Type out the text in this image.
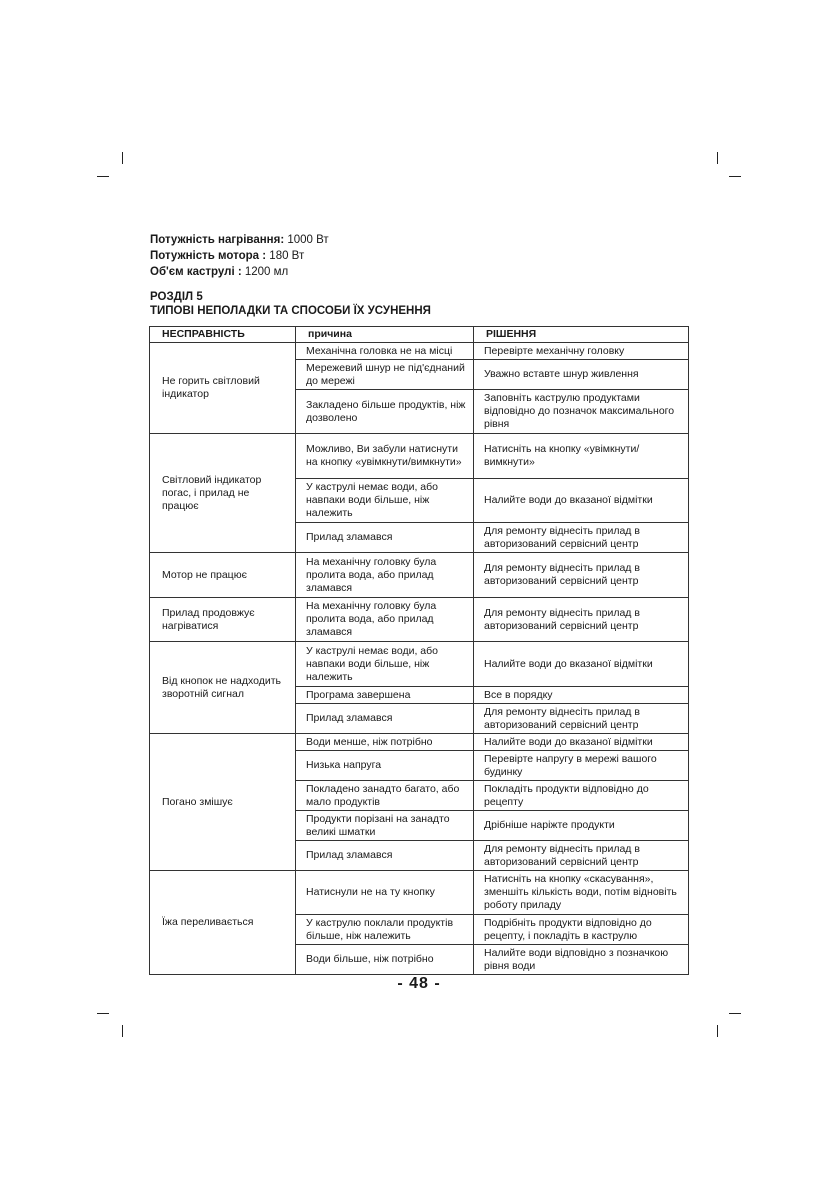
Потужність нагрівання: 1000 Вт
Потужність мотора : 180 Вт
Об'єм каструлі : 1200 мл
РОЗДІЛ 5
ТИПОВІ НЕПОЛАДКИ ТА СПОСОБИ ЇХ УСУНЕННЯ
НЕСПРАВНІСТЬ	причина	РІШЕННЯ
Не горить світловий індикатор	Механічна головка не на місці	Перевірте механічну головку
	Мережевий шнур не під'єднаний до мережі	Уважно вставте шнур живлення
	Закладено більше продуктів, ніж дозволено	Заповніть каструлю продуктами відповідно до позначок максимального рівня
Світловий індикатор погас, і прилад не працює	Можливо, Ви забули натиснути на кнопку «увімкнути/вимкнути»	Натисніть на кнопку «увімкнути/вимкнути»
	У каструлі немає води, або навпаки води більше, ніж належить	Налийте води до вказаної відмітки
	Прилад зламався	Для ремонту віднесіть прилад в авторизований сервісний центр
Мотор не працює	На механічну головку була пролита вода, або прилад зламався	Для ремонту віднесіть прилад в авторизований сервісний центр
Прилад продовжує нагріватися	На механічну головку була пролита вода, або прилад зламався	Для ремонту віднесіть прилад в авторизований сервісний центр
Від кнопок не надходить зворотній сигнал	У каструлі немає води, або навпаки води більше, ніж належить	Налийте води до вказаної відмітки
	Програма завершена	Все в порядку
	Прилад зламався	Для ремонту віднесіть прилад в авторизований сервісний центр
Погано змішує	Води менше, ніж потрібно	Налийте води до вказаної відмітки
	Низька напруга	Перевірте напругу в мережі вашого будинку
	Покладено занадто багато, або мало продуктів	Покладіть продукти відповідно до рецепту
	Продукти порізані на занадто великі шматки	Дрібніше наріжте продукти
	Прилад зламався	Для ремонту віднесіть прилад в авторизований сервісний центр
Їжа переливається	Натиснули не на ту кнопку	Натисніть на кнопку «скасування», зменшіть кількість води, потім відновіть роботу приладу
	У каструлю поклали продуктів більше, ніж належить	Подрібніть продукти відповідно до рецепту, і покладіть в каструлю
	Води більше, ніж потрібно	Налийте води відповідно з позначкою рівня води
- 48 -
